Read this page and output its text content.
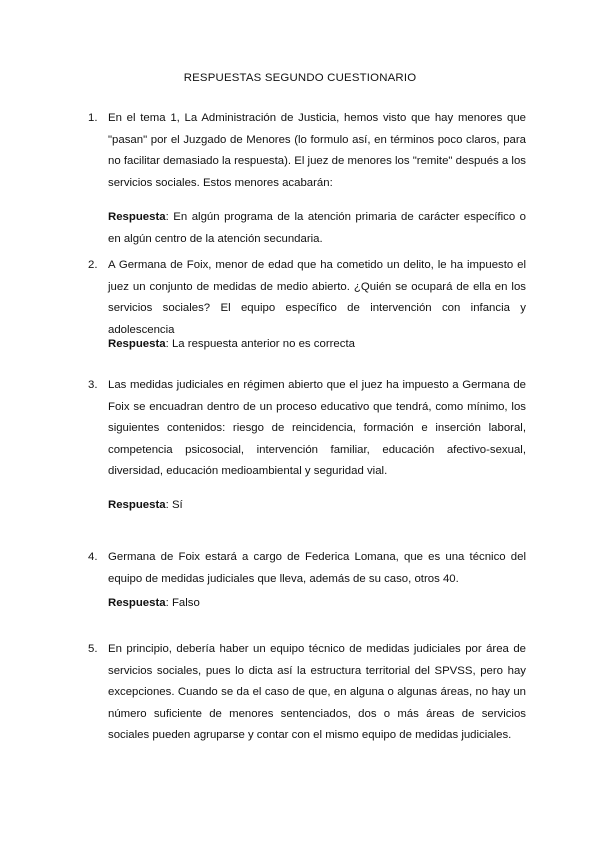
RESPUESTAS SEGUNDO CUESTIONARIO
1. En el tema 1, La Administración de Justicia, hemos visto que hay menores que "pasan" por el Juzgado de Menores (lo formulo así, en términos poco claros, para no facilitar demasiado la respuesta). El juez de menores los "remite" después a los servicios sociales. Estos menores acabarán:
Respuesta: En algún programa de la atención primaria de carácter específico o en algún centro de la atención secundaria.
2. A Germana de Foix, menor de edad que ha cometido un delito, le ha impuesto el juez un conjunto de medidas de medio abierto. ¿Quién se ocupará de ella en los servicios sociales? El equipo específico de intervención con infancia y adolescencia
Respuesta: La respuesta anterior no es correcta
3. Las medidas judiciales en régimen abierto que el juez ha impuesto a Germana de Foix se encuadran dentro de un proceso educativo que tendrá, como mínimo, los siguientes contenidos: riesgo de reincidencia, formación e inserción laboral, competencia psicosocial, intervención familiar, educación afectivo-sexual, diversidad, educación medioambiental y seguridad vial.
Respuesta: Sí
4. Germana de Foix estará a cargo de Federica Lomana, que es una técnico del equipo de medidas judiciales que lleva, además de su caso, otros 40.
Respuesta: Falso
5. En principio, debería haber un equipo técnico de medidas judiciales por área de servicios sociales, pues lo dicta así la estructura territorial del SPVSS, pero hay excepciones. Cuando se da el caso de que, en alguna o algunas áreas, no hay un número suficiente de menores sentenciados, dos o más áreas de servicios sociales pueden agruparse y contar con el mismo equipo de medidas judiciales.
